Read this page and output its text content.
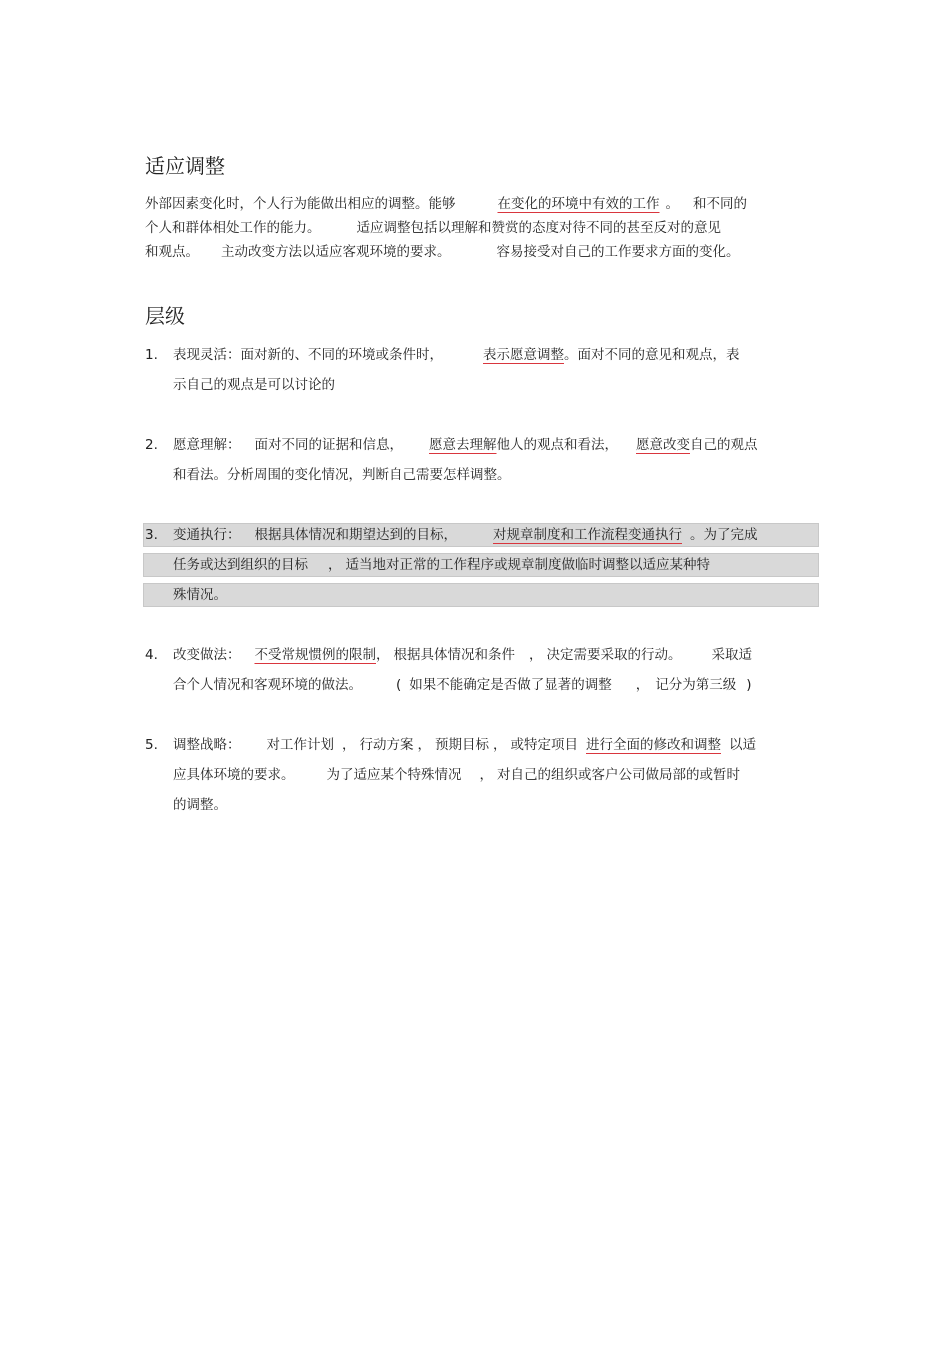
适应调整
外部因素变化时，个人行为能做出相应的调整。能够	在变化的环境中有效的工作 。 和不同的
个人和群体相处工作的能力。	适应调整包括以理解和赞赏的态度对待不同的甚至反对的意见
和观点。 主动改变方法以适应客观环境的要求。	容易接受对自己的工作要求方面的变化。
层级
1. 表现灵活：面对新的、不同的环境或条件时，	表示愿意调整。面对不同的意见和观点，表
示自己的观点是可以讨论的
2. 愿意理解： 面对不同的证据和信息， 愿意去理解他人的观点和看法， 愿意改变自己的观点
和看法。分析周围的变化情况，判断自己需要怎样调整。
3. 变通执行： 根据具体情况和期望达到的目标，	对规章制度和工作流程变通执行 。为了完成
任务或达到组织的目标 ， 适当地对正常的工作程序或规章制度做临时调整以适应某种特
殊情况。
4. 改变做法： 不受常规惯例的限制， 根据具体情况和条件 ， 决定需要采取的行动。 采取适
合个人情况和客观环境的做法。	( 如果不能确定是否做了显著的调整 ， 记分为第三级 )
5. 调整战略： 对工作计划 ， 行动方案 ， 预期目标 ， 或特定项目 进行全面的修改和调整 以适
应具体环境的要求。 为了适应某个特殊情况 ， 对自己的组织或客户公司做局部的或暂时
的调整。
